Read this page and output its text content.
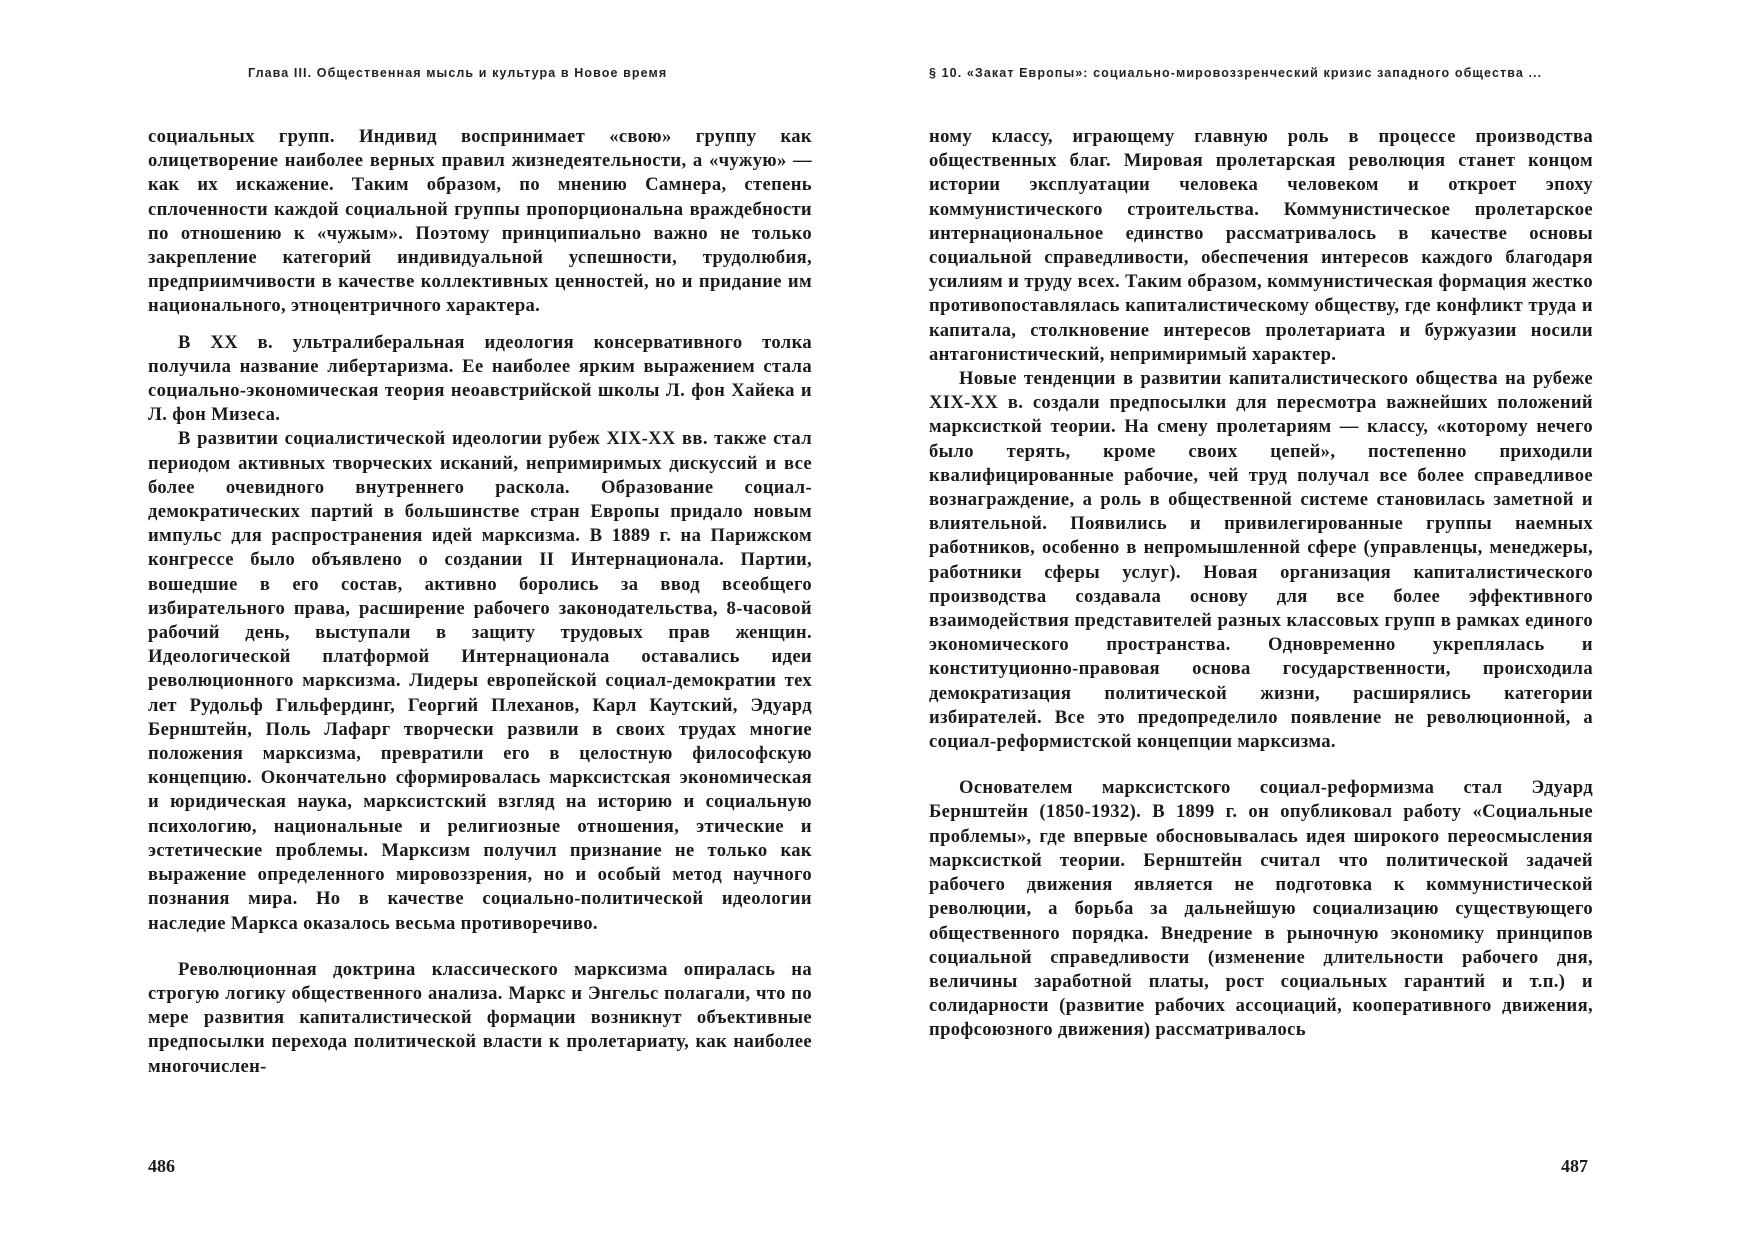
Глава III. Общественная мысль и культура в Новое время

социальных групп. Индивид воспринимает «свою» группу как олицетворение наиболее верных правил жизнедеятельности, а «чужую» — как их искажение. Таким образом, по мнению Самнера, степень сплоченности каждой социальной группы пропорциональна враждебности по отношению к «чужым». Поэтому принципиально важно не только закрепление категорий индивидуальной успешности, трудолюбия, предприимчивости в качестве коллективных ценностей, но и придание им национального, этноцентричного характера.

В XX в. ультралиберальная идеология консервативного толка получила название либертаризма. Ее наиболее ярким выражением стала социально-экономическая теория неоавстрийской школы Л. фон Хайека и Л. фон Мизеса.

В развитии социалистической идеологии рубеж XIX-XX вв. также стал периодом активных творческих исканий, непримиримых дискуссий и все более очевидного внутреннего раскола. Образование социал-демократических партий в большинстве стран Европы придало новым импульс для распространения идей марксизма. В 1889 г. на Парижском конгрессе было объявлено о создании II Интернационала. Партии, вошедшие в его состав, активно боролись за ввод всеобщего избирательного права, расширение рабочего законодательства, 8-часовой рабочий день, выступали в защиту трудовых прав женщин. Идеологической платформой Интернационала оставались идеи революционного марксизма. Лидеры европейской социал-демократии тех лет Рудольф Гильфердинг, Георгий Плеханов, Карл Каутский, Эдуард Бернштейн, Поль Лафарг творчески развили в своих трудах многие положения марксизма, превратили его в целостную философскую концепцию. Окончательно сформировалась марксистская экономическая и юридическая наука, марксистский взгляд на историю и социальную психологию, национальные и религиозные отношения, этические и эстетические проблемы. Марксизм получил признание не только как выражение определенного мировоззрения, но и особый метод научного познания мира. Но в качестве социально-политической идеологии наследие Маркса оказалось весьма противоречиво.

Революционная доктрина классического марксизма опиралась на строгую логику общественного анализа. Маркс и Энгельс полагали, что по мере развития капиталистической формации возникнут объективные предпосылки перехода политической власти к пролетариату, как наиболее многочислен-

486
§ 10. «Закат Европы»: социально-мировоззренческий кризис западного общества ...

ному классу, играющему главную роль в процессе производства общественных благ. Мировая пролетарская революция станет концом истории эксплуатации человека человеком и откроет эпоху коммунистического строительства. Коммунистическое пролетарское интернациональное единство рассматривалось в качестве основы социальной справедливости, обеспечения интересов каждого благодаря усилиям и труду всех. Таким образом, коммунистическая формация жестко противопоставлялась капиталистическому обществу, где конфликт труда и капитала, столкновение интересов пролетариата и буржуазии носили антагонистический, непримиримый характер.

Новые тенденции в развитии капиталистического общества на рубеже XIX-XX в. создали предпосылки для пересмотра важнейших положений марксисткой теории. На смену пролетариям — классу, «которому нечего было терять, кроме своих цепей», постепенно приходили квалифицированные рабочие, чей труд получал все более справедливое вознаграждение, а роль в общественной системе становилась заметной и влиятельной. Появились и привилегированные группы наемных работников, особенно в непромышленной сфере (управленцы, менеджеры, работники сферы услуг). Новая организация капиталистического производства создавала основу для все более эффективного взаимодействия представителей разных классовых групп в рамках единого экономического пространства. Одновременно укреплялась и конституционно-правовая основа государственности, происходила демократизация политической жизни, расширялись категории избирателей. Все это предопределило появление не революционной, а социал-реформистской концепции марксизма.

Основателем марксистского социал-реформизма стал Эдуард Бернштейн (1850-1932). В 1899 г. он опубликовал работу «Социальные проблемы», где впервые обосновывалась идея широкого переосмысления марксисткой теории. Бернштейн считал что политической задачей рабочего движения является не подготовка к коммунистической революции, а борьба за дальнейшую социализацию существующего общественного порядка. Внедрение в рыночную экономику принципов социальной справедливости (изменение длительности рабочего дня, величины заработной платы, рост социальных гарантий и т.п.) и солидарности (развитие рабочих ассоциаций, кооперативного движения, профсоюзного движения) рассматривалось

487
